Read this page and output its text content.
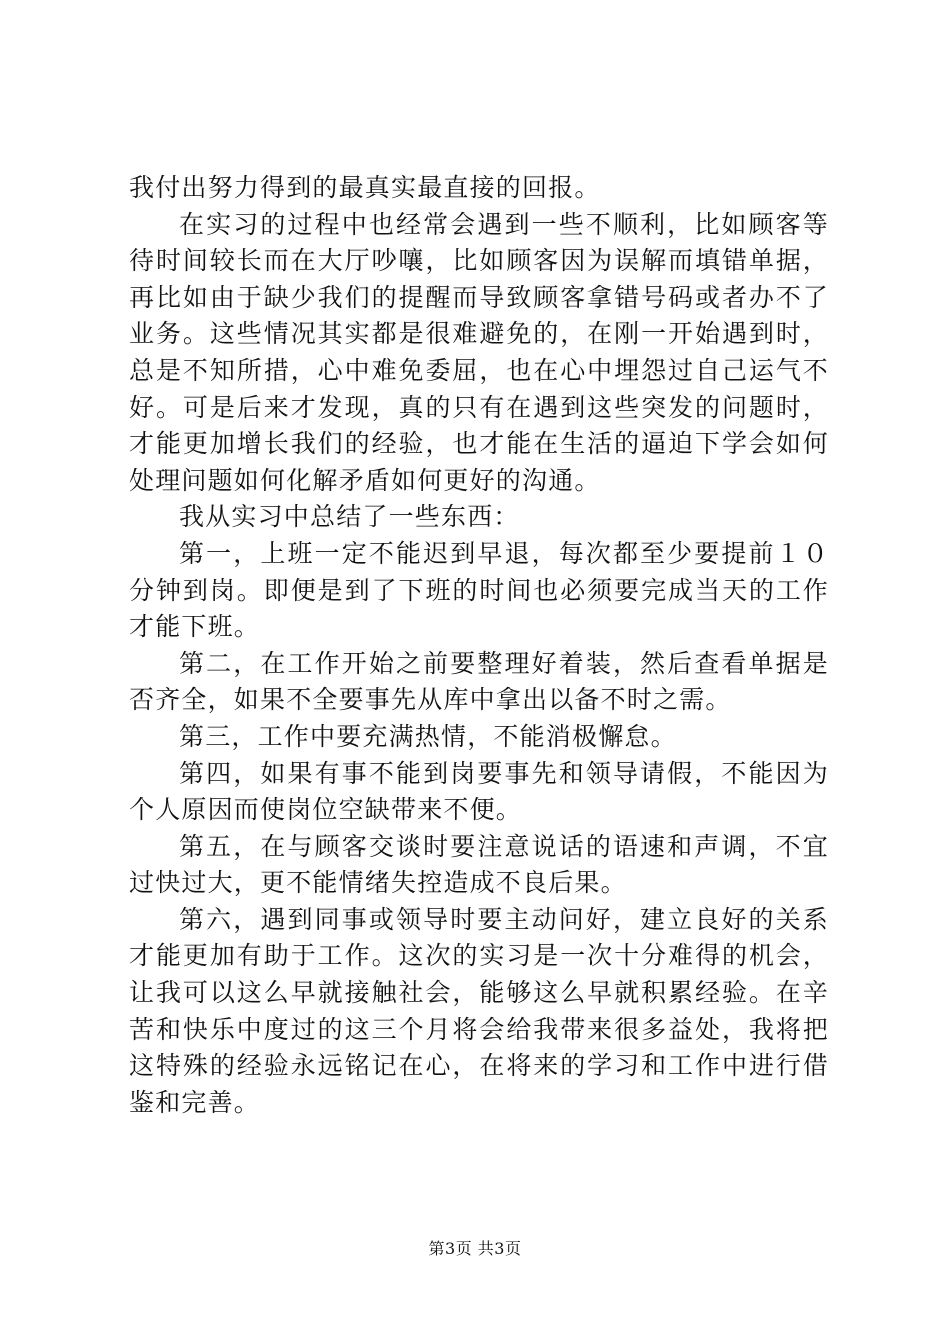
我付出努力得到的最真实最直接的回报。

在实习的过程中也经常会遇到一些不顺利，比如顾客等待时间较长而在大厅吵嚷，比如顾客因为误解而填错单据，再比如由于缺少我们的提醒而导致顾客拿错号码或者办不了业务。这些情况其实都是很难避免的，在刚一开始遇到时，总是不知所措，心中难免委屈，也在心中埋怨过自己运气不好。可是后来才发现，真的只有在遇到这些突发的问题时，才能更加增长我们的经验，也才能在生活的逼迫下学会如何处理问题如何化解矛盾如何更好的沟通。

我从实习中总结了一些东西：

第一，上班一定不能迟到早退，每次都至少要提前１０分钟到岗。即便是到了下班的时间也必须要完成当天的工作才能下班。

第二，在工作开始之前要整理好着装，然后查看单据是否齐全，如果不全要事先从库中拿出以备不时之需。

第三，工作中要充满热情，不能消极懈怠。

第四，如果有事不能到岗要事先和领导请假，不能因为个人原因而使岗位空缺带来不便。

第五，在与顾客交谈时要注意说话的语速和声调，不宜过快过大，更不能情绪失控造成不良后果。

第六，遇到同事或领导时要主动问好，建立良好的关系才能更加有助于工作。这次的实习是一次十分难得的机会，让我可以这么早就接触社会，能够这么早就积累经验。在辛苦和快乐中度过的这三个月将会给我带来很多益处，我将把这特殊的经验永远铭记在心，在将来的学习和工作中进行借鉴和完善。

第3页 共3页
